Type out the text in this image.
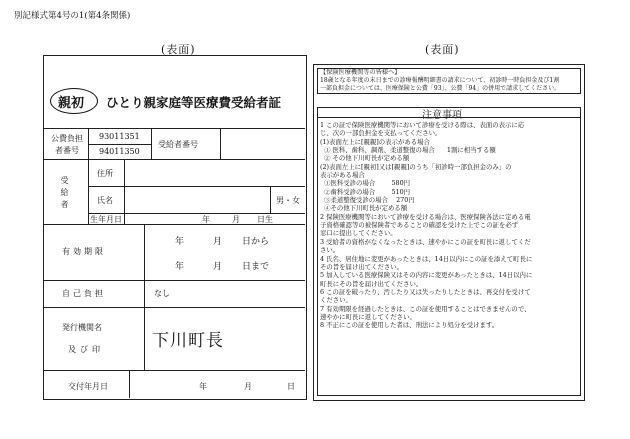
別記様式第4号の1(第4条関係)
(表面)	(表面)
親初 ひとり親家庭等医療費受給者証
公費負担
者番号
93011351
94011350
受給者番号
受給者
住所
氏名	男・女
生年月日	年	月 日生
有効期限
年	月 日から
年	月 日まで
自己負担	なし
発行機関名
及び印	下川町長
交付年月日	年	月	日
【保険医療機関等の皆様へ】
18歳となる年度の末日までの診療報酬明細書の請求について、初診時一時負担金及び1割
一部負担金については、医療保険と公費「93」、公費「94」の併用で請求してください。
注意事項
1 この証で保険医療機関等において診療を受ける際は、表面の表示に応
じ、次の一部負担金を支払ってください。
(1)表面左上に[親親]の表示がある場合
① 医科、歯科、調剤、柔道整復の場合      1割に相当する額
② その他下川町長が定める額
(2)表面左上に[親初]又は[親親]のうち「初診時一部負担金のみ」の
表示がある場合
①医科受診の場合        580円
②歯科受診の場合        510円
③柔道整復受診の場合    270円
④その他下川町長が定める額
2 保険医療機関等において診療を受ける場合は、医療保険各法に定める電
子資格確認等の被保険者であることの確認を受けた上でこの証を必ず
窓口に提出してください。
3 受給者の資格がなくなったときは、速やかにこの証を町長に返してくだ
さい。
4 氏名、居住地に変更があったときは、14日以内にこの証を添えて町長に
その旨を届け出てください。
5 加入している医療保険又はその内容に変更があったときは、14日以内に
町長にその旨を届け出てください。
6 この証を破ったり、汚したり又は失ったりしたときは、再交付を受けて
ください。
7 有効期限を経過したときは、この証を使用することはできませんので、
速やかに町長に返してください。
8 不正にこの証を使用した者は、刑法により処分を受けます。
